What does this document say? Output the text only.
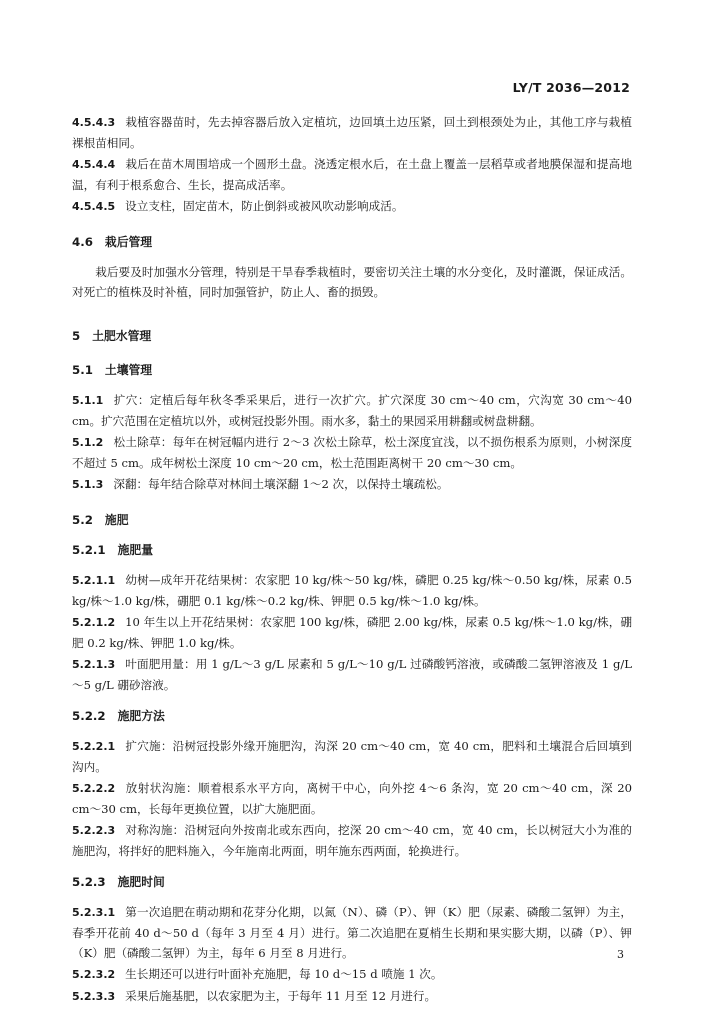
LY/T 2036—2012

4.5.4.3 栽植容器苗时，先去掉容器后放入定植坑，边回填土边压紧，回土到根颈处为止，其他工序与栽植裸根苗相同。

4.5.4.4 栽后在苗木周围培成一个圆形土盘。浇透定根水后，在土盘上覆盖一层稻草或者地膜保湿和提高地温，有利于根系愈合、生长，提高成活率。

4.5.4.5 设立支柱，固定苗木，防止倒斜或被风吹动影响成活。

4.6 栽后管理

栽后要及时加强水分管理，特别是干旱春季栽植时，要密切关注土壤的水分变化，及时灌溉，保证成活。对死亡的植株及时补植，同时加强管护，防止人、畜的损毁。

5 土肥水管理

5.1 土壤管理

5.1.1 扩穴：定植后每年秋冬季采果后，进行一次扩穴。扩穴深度 30 cm～40 cm，穴沟宽 30 cm～40 cm。扩穴范围在定植坑以外，或树冠投影外围。雨水多，黏土的果园采用耕翻或树盘耕翻。

5.1.2 松土除草：每年在树冠幅内进行 2～3 次松土除草，松土深度宜浅，以不损伤根系为原则，小树深度不超过 5 cm。成年树松土深度 10 cm～20 cm，松土范围距离树干 20 cm～30 cm。

5.1.3 深翻：每年结合除草对林间土壤深翻 1～2 次，以保持土壤疏松。

5.2 施肥

5.2.1 施肥量

5.2.1.1 幼树—成年开花结果树：农家肥 10 kg/株～50 kg/株，磷肥 0.25 kg/株～0.50 kg/株，尿素 0.5 kg/株～1.0 kg/株，硼肥 0.1 kg/株～0.2 kg/株、钾肥 0.5 kg/株～1.0 kg/株。

5.2.1.2 10 年生以上开花结果树：农家肥 100 kg/株，磷肥 2.00 kg/株，尿素 0.5 kg/株～1.0 kg/株，硼肥 0.2 kg/株、钾肥 1.0 kg/株。

5.2.1.3 叶面肥用量：用 1 g/L～3 g/L 尿素和 5 g/L～10 g/L 过磷酸钙溶液，或磷酸二氢钾溶液及 1 g/L～5 g/L 硼砂溶液。

5.2.2 施肥方法

5.2.2.1 扩穴施：沿树冠投影外缘开施肥沟，沟深 20 cm～40 cm，宽 40 cm，肥料和土壤混合后回填到沟内。

5.2.2.2 放射状沟施：顺着根系水平方向，离树干中心，向外挖 4～6 条沟，宽 20 cm～40 cm，深 20 cm～30 cm，长每年更换位置，以扩大施肥面。

5.2.2.3 对称沟施：沿树冠向外按南北或东西向，挖深 20 cm～40 cm，宽 40 cm，长以树冠大小为准的施肥沟，将拌好的肥料施入，今年施南北两面，明年施东西两面，轮换进行。

5.2.3 施肥时间

5.2.3.1 第一次追肥在萌动期和花芽分化期，以氮（N）、磷（P）、钾（K）肥（尿素、磷酸二氢钾）为主，春季开花前 40 d～50 d（每年 3 月至 4 月）进行。第二次追肥在夏梢生长期和果实膨大期，以磷（P）、钾（K）肥（磷酸二氢钾）为主，每年 6 月至 8 月进行。

5.2.3.2 生长期还可以进行叶面补充施肥，每 10 d～15 d 喷施 1 次。

5.2.3.3 采果后施基肥，以农家肥为主，于每年 11 月至 12 月进行。

3
